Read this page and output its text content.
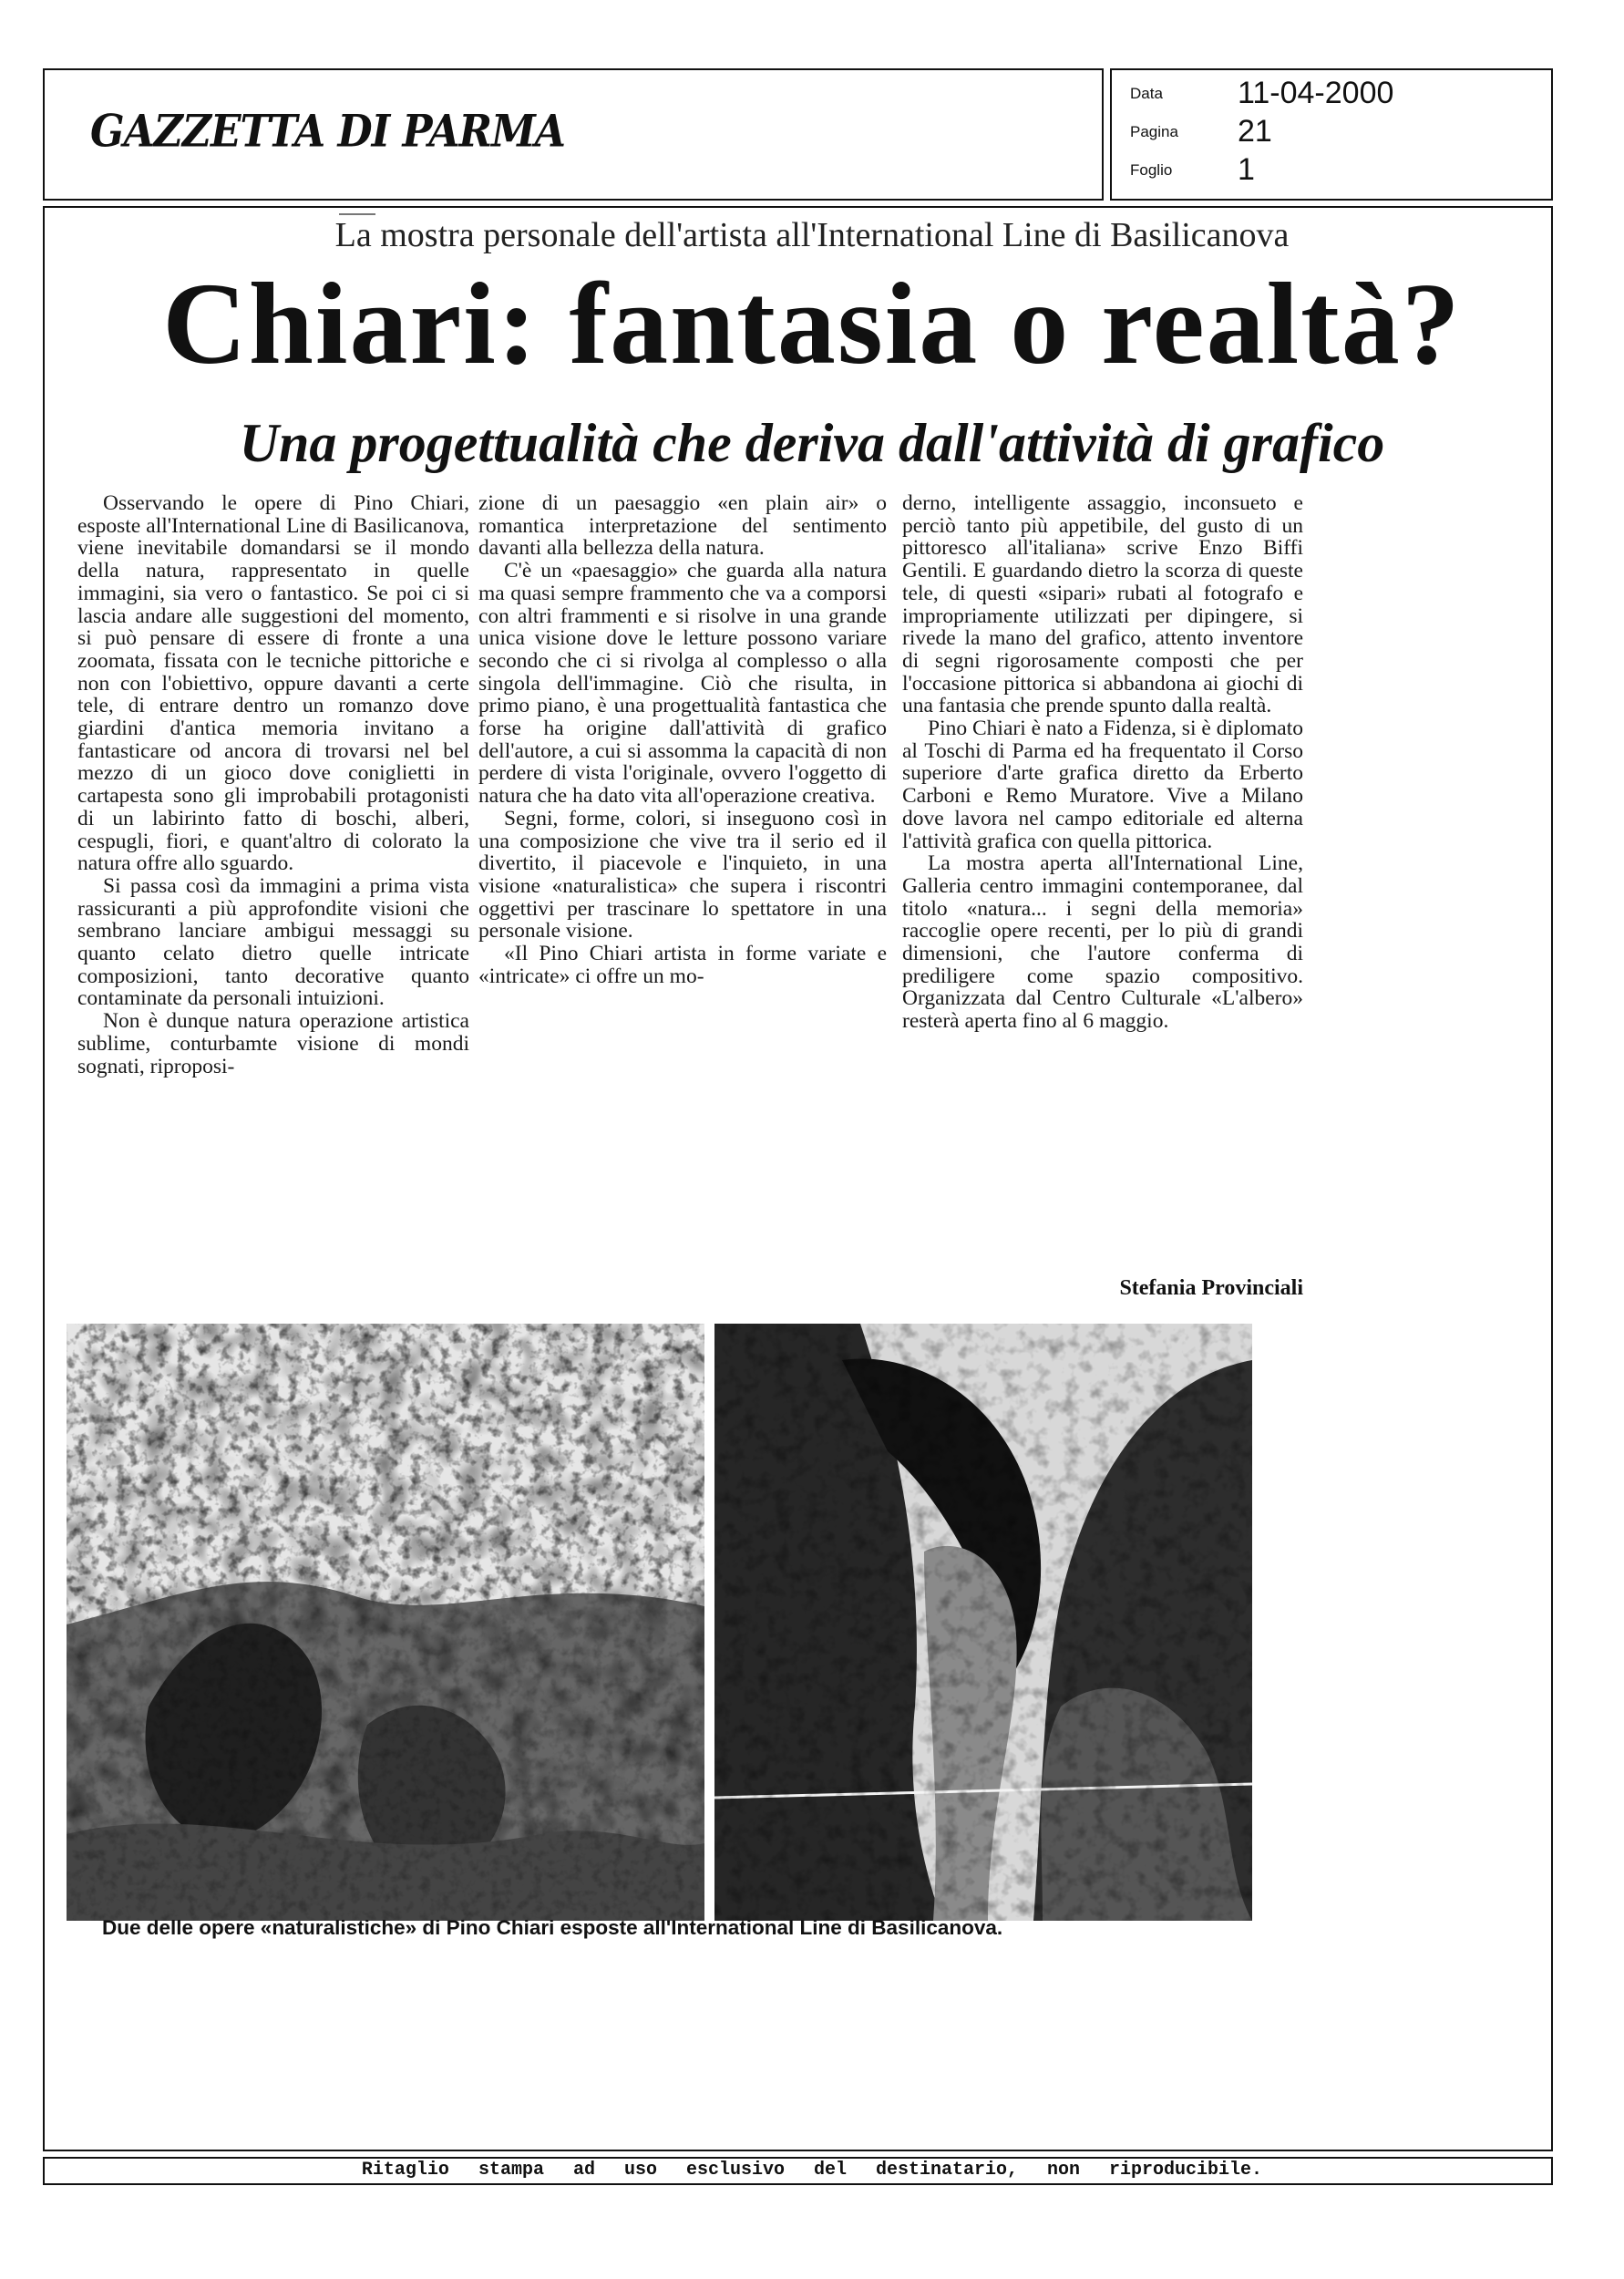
GAZZETTA DI PARMA
Data 11-04-2000
Pagina 21
Foglio 1
La mostra personale dell'artista all'International Line di Basilicanova
Chiari: fantasia o realtà?
Una progettualità che deriva dall'attività di grafico

Osservando le opere di Pino Chiari, esposte all'International Line di Basilicanova, viene inevitabile domandarsi se il mondo della natura, rappresentato in quelle immagini, sia vero o fantastico. Se poi ci si lascia andare alle suggestioni del momento, si può pensare di essere di fronte a una zoomata, fissata con le tecniche pittoriche e non con l'obiettivo, oppure davanti a certe tele, di entrare dentro un romanzo dove giardini d'antica memoria invitano a fantasticare od ancora di trovarsi nel bel mezzo di un gioco dove coniglietti in cartapesta sono gli improbabili protagonisti di un labirinto fatto di boschi, alberi, cespugli, fiori, e quant'altro di colorato la natura offre allo sguardo.

Si passa così da immagini a prima vista rassicuranti a più approfondite visioni che sembrano lanciare ambigui messaggi su quanto celato dietro quelle intricate composizioni, tanto decorative quanto contaminate da personali intuizioni.

Non è dunque natura operazione artistica sublime, conturbamte visione di mondi sognati, riproposi-

zione di un paesaggio «en plain air» o romantica interpretazione del sentimento davanti alla bellezza della natura.

C'è un «paesaggio» che guarda alla natura ma quasi sempre frammento che va a comporsi con altri frammenti e si risolve in una grande unica visione dove le letture possono variare secondo che ci si rivolga al complesso o alla singola dell'immagine. Ciò che risulta, in primo piano, è una progettualità fantastica che forse ha origine dall'attività di grafico dell'autore, a cui si assomma la capacità di non perdere di vista l'originale, ovvero l'oggetto di natura che ha dato vita all'operazione creativa.

Segni, forme, colori, si inseguono così in una composizione che vive tra il serio ed il divertito, il piacevole e l'inquieto, in una visione «naturalistica» che supera i riscontri oggettivi per trascinare lo spettatore in una personale visione.

«Il Pino Chiari artista in forme variate e «intricate» ci offre un mo-

derno, intelligente assaggio, inconsueto e perciò tanto più appetibile, del gusto di un pittoresco all'italiana» scrive Enzo Biffi Gentili. E guardando dietro la scorza di queste tele, di questi «sipari» rubati al fotografo e impropriamente utilizzati per dipingere, si rivede la mano del grafico, attento inventore di segni rigorosamente composti che per l'occasione pittorica si abbandona ai giochi di una fantasia che prende spunto dalla realtà.

Pino Chiari è nato a Fidenza, si è diplomato al Toschi di Parma ed ha frequentato il Corso superiore d'arte grafica diretto da Erberto Carboni e Remo Muratore. Vive a Milano dove lavora nel campo editoriale ed alterna l'attività grafica con quella pittorica.

La mostra aperta all'International Line, Galleria centro immagini contemporanee, dal titolo «natura... i segni della memoria» raccoglie opere recenti, per lo più di grandi dimensioni, che l'autore conferma di prediligere come spazio compositivo. Organizzata dal Centro Culturale «L'albero» resterà aperta fino al 6 maggio.

Stefania Provinciali
Due delle opere «naturalistiche» di Pino Chiari esposte all'International Line di Basilicanova.
Ritaglio stampa ad uso esclusivo del destinatario, non riproducibile.
